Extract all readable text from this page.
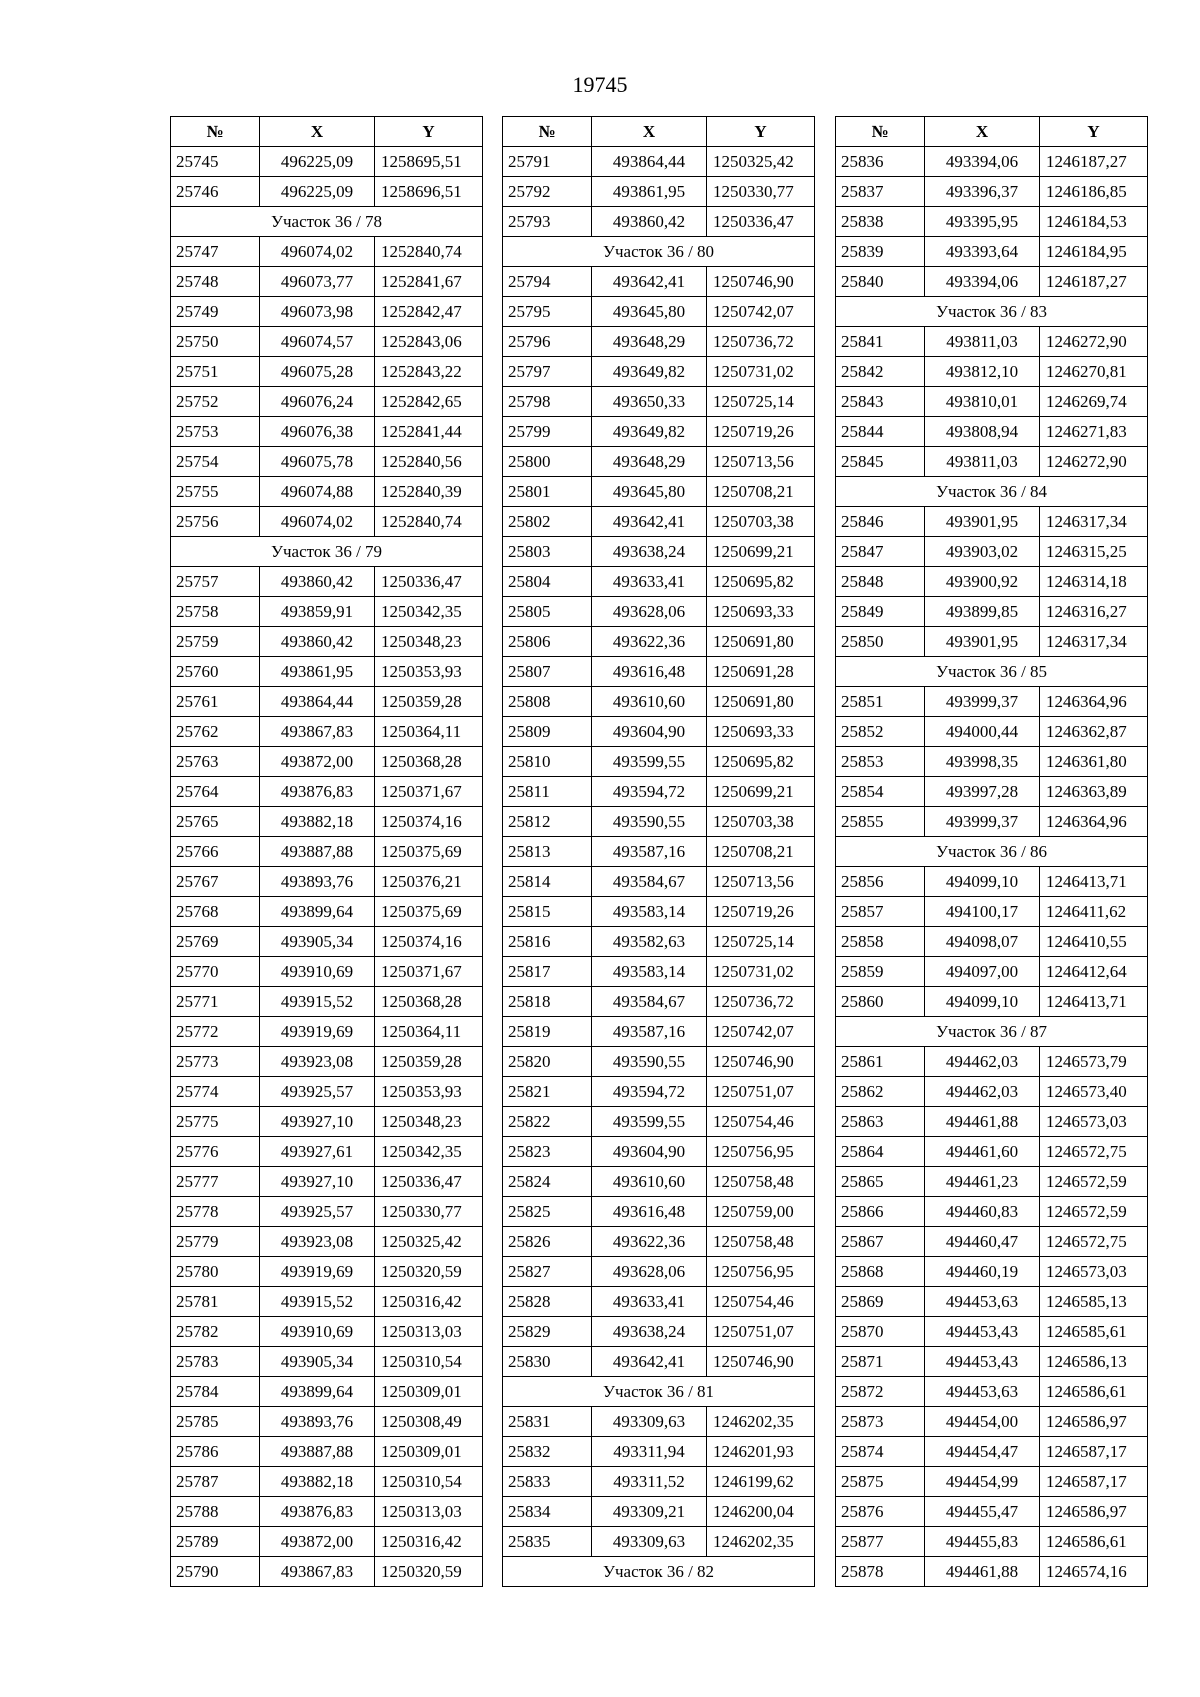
19745
№	X	Y
25745	496225,09	1258695,51
25746	496225,09	1258696,51
Участок 36 / 78		
25747	496074,02	1252840,74
25748	496073,77	1252841,67
25749	496073,98	1252842,47
25750	496074,57	1252843,06
25751	496075,28	1252843,22
25752	496076,24	1252842,65
25753	496076,38	1252841,44
25754	496075,78	1252840,56
25755	496074,88	1252840,39
25756	496074,02	1252840,74
Участок 36 / 79		
25757	493860,42	1250336,47
25758	493859,91	1250342,35
25759	493860,42	1250348,23
25760	493861,95	1250353,93
25761	493864,44	1250359,28
25762	493867,83	1250364,11
25763	493872,00	1250368,28
25764	493876,83	1250371,67
25765	493882,18	1250374,16
25766	493887,88	1250375,69
25767	493893,76	1250376,21
25768	493899,64	1250375,69
25769	493905,34	1250374,16
25770	493910,69	1250371,67
25771	493915,52	1250368,28
25772	493919,69	1250364,11
25773	493923,08	1250359,28
25774	493925,57	1250353,93
25775	493927,10	1250348,23
25776	493927,61	1250342,35
25777	493927,10	1250336,47
25778	493925,57	1250330,77
25779	493923,08	1250325,42
25780	493919,69	1250320,59
25781	493915,52	1250316,42
25782	493910,69	1250313,03
25783	493905,34	1250310,54
25784	493899,64	1250309,01
25785	493893,76	1250308,49
25786	493887,88	1250309,01
25787	493882,18	1250310,54
25788	493876,83	1250313,03
25789	493872,00	1250316,42
25790	493867,83	1250320,59
№	X	Y
25791	493864,44	1250325,42
25792	493861,95	1250330,77
25793	493860,42	1250336,47
Участок 36 / 80		
25794	493642,41	1250746,90
25795	493645,80	1250742,07
25796	493648,29	1250736,72
25797	493649,82	1250731,02
25798	493650,33	1250725,14
25799	493649,82	1250719,26
25800	493648,29	1250713,56
25801	493645,80	1250708,21
25802	493642,41	1250703,38
25803	493638,24	1250699,21
25804	493633,41	1250695,82
25805	493628,06	1250693,33
25806	493622,36	1250691,80
25807	493616,48	1250691,28
25808	493610,60	1250691,80
25809	493604,90	1250693,33
25810	493599,55	1250695,82
25811	493594,72	1250699,21
25812	493590,55	1250703,38
25813	493587,16	1250708,21
25814	493584,67	1250713,56
25815	493583,14	1250719,26
25816	493582,63	1250725,14
25817	493583,14	1250731,02
25818	493584,67	1250736,72
25819	493587,16	1250742,07
25820	493590,55	1250746,90
25821	493594,72	1250751,07
25822	493599,55	1250754,46
25823	493604,90	1250756,95
25824	493610,60	1250758,48
25825	493616,48	1250759,00
25826	493622,36	1250758,48
25827	493628,06	1250756,95
25828	493633,41	1250754,46
25829	493638,24	1250751,07
25830	493642,41	1250746,90
Участок 36 / 81		
25831	493309,63	1246202,35
25832	493311,94	1246201,93
25833	493311,52	1246199,62
25834	493309,21	1246200,04
25835	493309,63	1246202,35
Участок 36 / 82		
№	X	Y
25836	493394,06	1246187,27
25837	493396,37	1246186,85
25838	493395,95	1246184,53
25839	493393,64	1246184,95
25840	493394,06	1246187,27
Участок 36 / 83		
25841	493811,03	1246272,90
25842	493812,10	1246270,81
25843	493810,01	1246269,74
25844	493808,94	1246271,83
25845	493811,03	1246272,90
Участок 36 / 84		
25846	493901,95	1246317,34
25847	493903,02	1246315,25
25848	493900,92	1246314,18
25849	493899,85	1246316,27
25850	493901,95	1246317,34
Участок 36 / 85		
25851	493999,37	1246364,96
25852	494000,44	1246362,87
25853	493998,35	1246361,80
25854	493997,28	1246363,89
25855	493999,37	1246364,96
Участок 36 / 86		
25856	494099,10	1246413,71
25857	494100,17	1246411,62
25858	494098,07	1246410,55
25859	494097,00	1246412,64
25860	494099,10	1246413,71
Участок 36 / 87		
25861	494462,03	1246573,79
25862	494462,03	1246573,40
25863	494461,88	1246573,03
25864	494461,60	1246572,75
25865	494461,23	1246572,59
25866	494460,83	1246572,59
25867	494460,47	1246572,75
25868	494460,19	1246573,03
25869	494453,63	1246585,13
25870	494453,43	1246585,61
25871	494453,43	1246586,13
25872	494453,63	1246586,61
25873	494454,00	1246586,97
25874	494454,47	1246587,17
25875	494454,99	1246587,17
25876	494455,47	1246586,97
25877	494455,83	1246586,61
25878	494461,88	1246574,16
